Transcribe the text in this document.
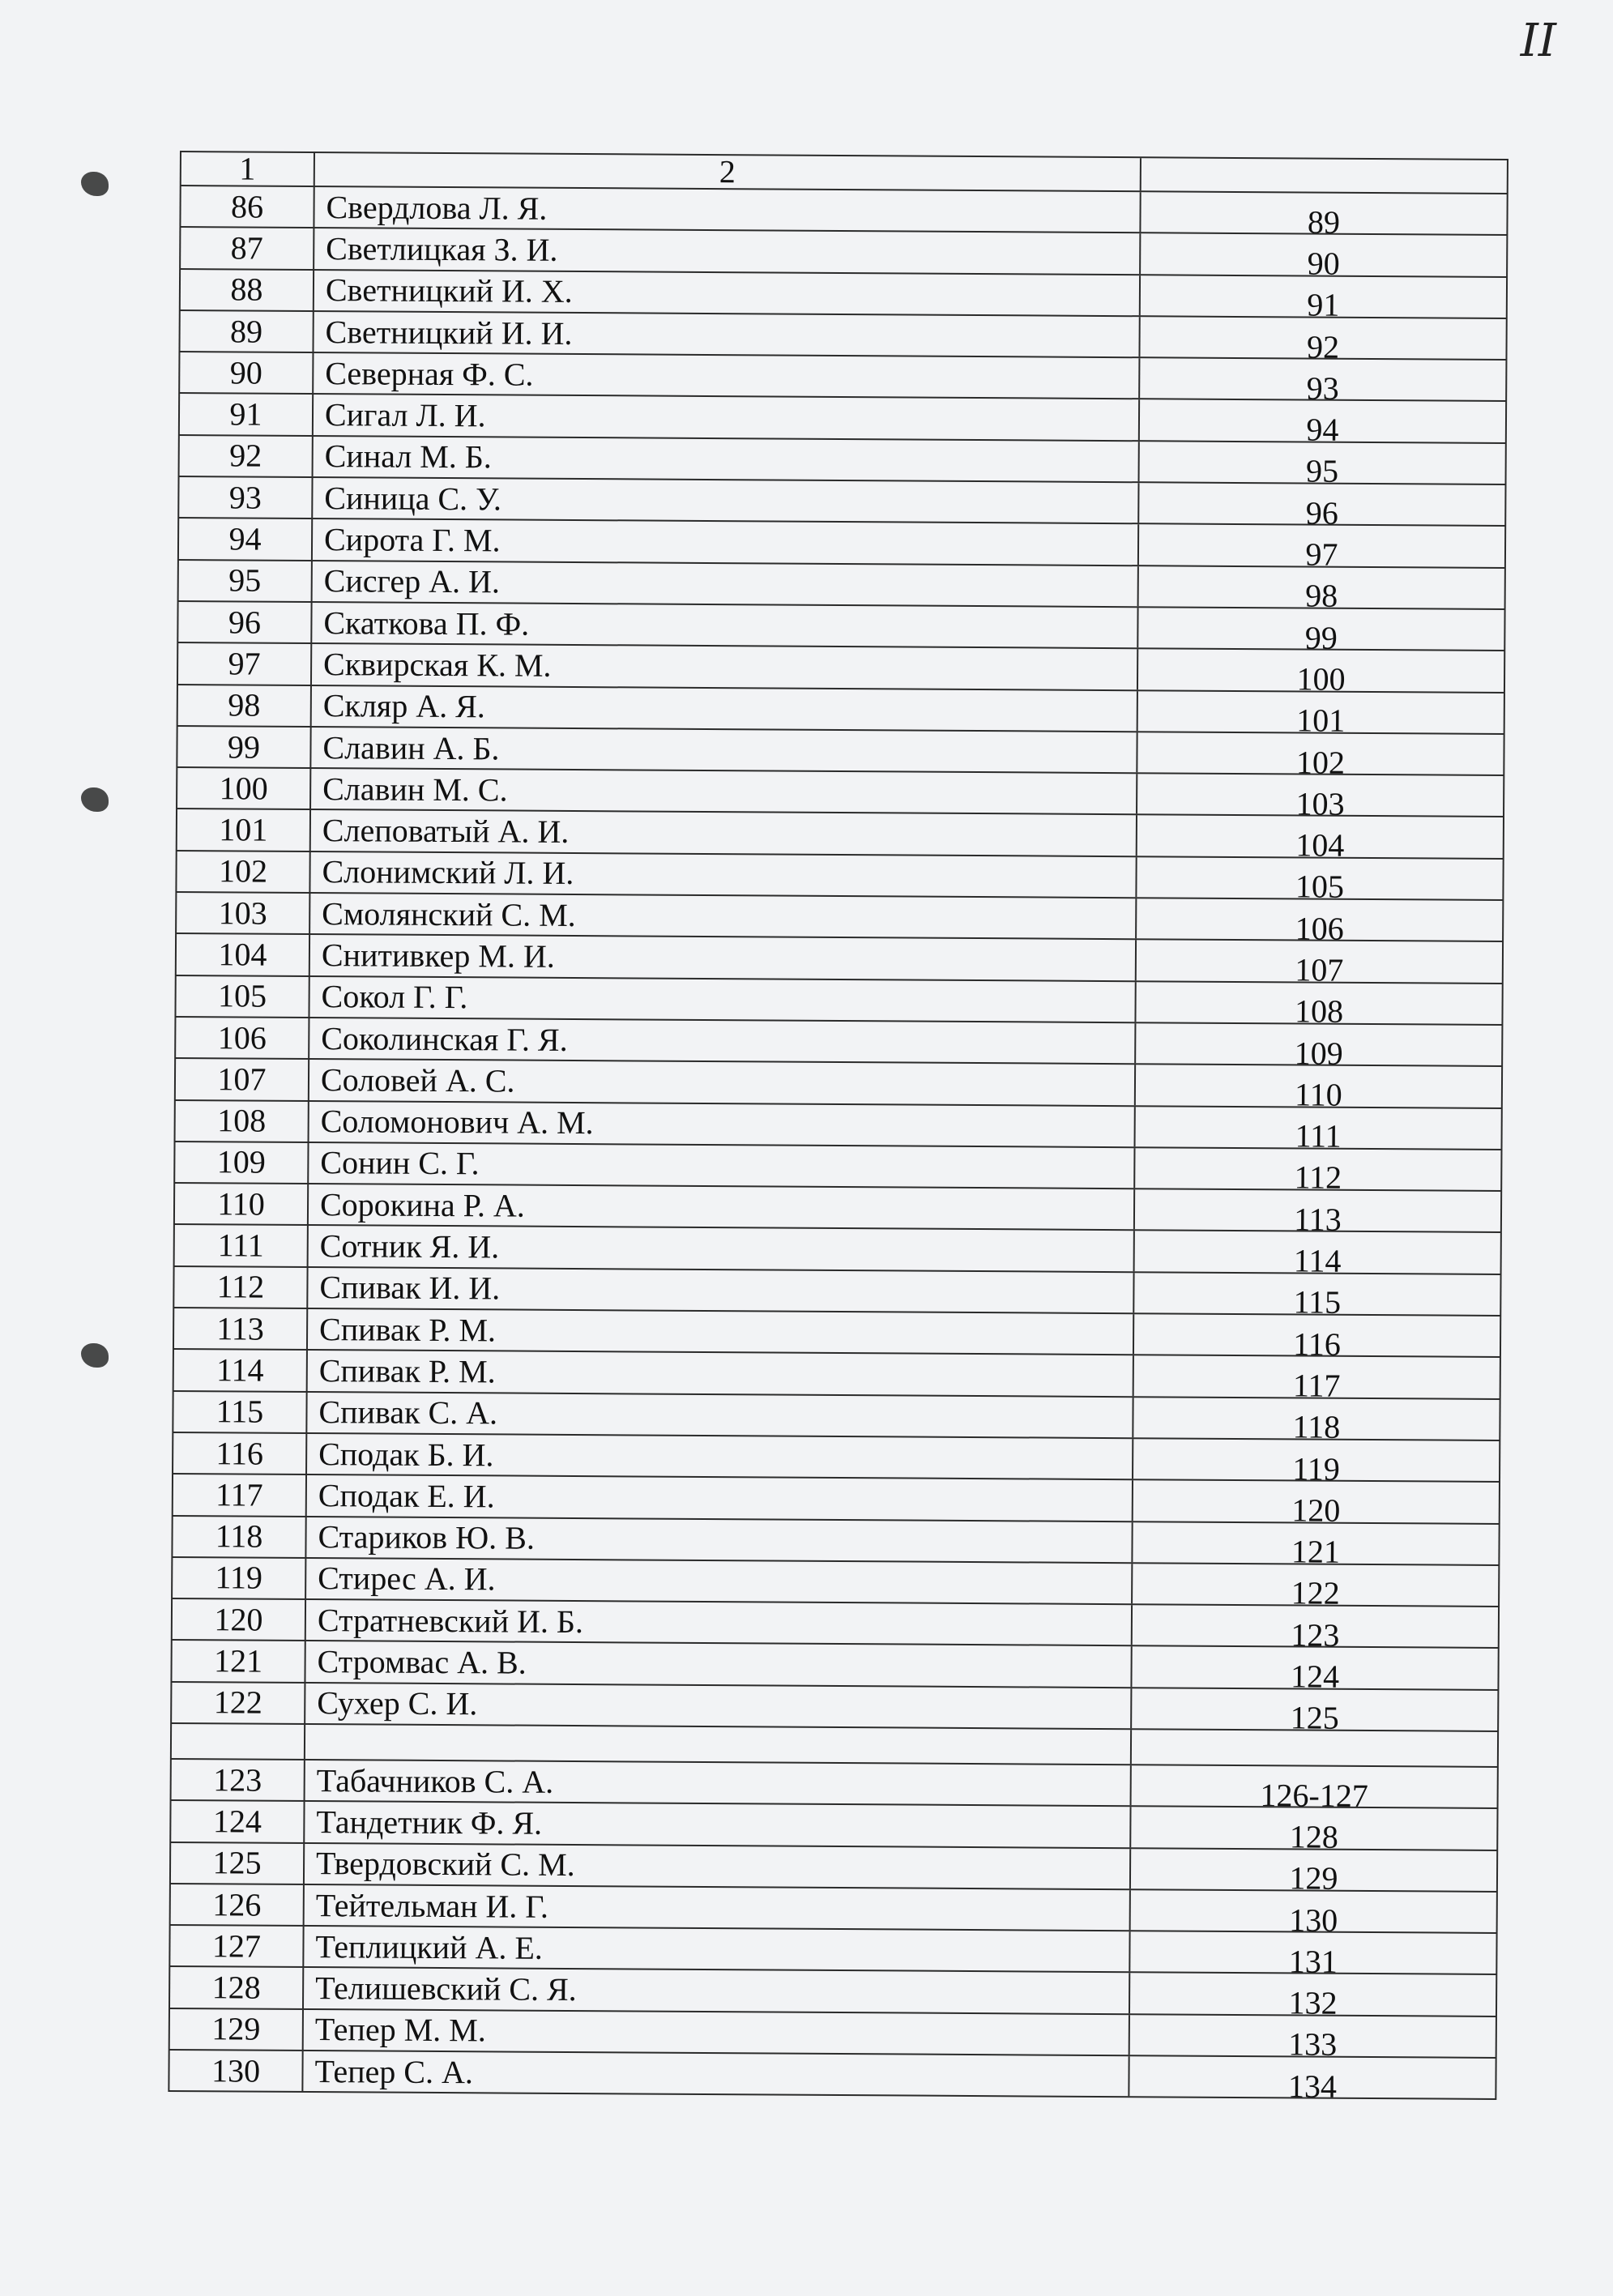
II
1	2
86	Свердлова Л. Я.	89
87	Светлицкая З. И.	90
88	Светницкий И. Х.	91
89	Светницкий И. И.	92
90	Северная Ф. С.	93
91	Сигал Л. И.	94
92	Синал М. Б.	95
93	Синица С. У.	96
94	Сирота Г. М.	97
95	Сисгер А. И.	98
96	Скаткова П. Ф.	99
97	Сквирская К. М.	100
98	Скляр А. Я.	101
99	Славин А. Б.	102
100	Славин М. С.	103
101	Слеповатый А. И.	104
102	Слонимский Л. И.	105
103	Смолянский С. М.	106
104	Снитивкер М. И.	107
105	Сокол Г. Г.	108
106	Соколинская Г. Я.	109
107	Соловей А. С.	110
108	Соломонович А. М.	111
109	Сонин С. Г.	112
110	Сорокина Р. А.	113
111	Сотник Я. И.	114
112	Спивак И. И.	115
113	Спивак Р. М.	116
114	Спивак Р. М.	117
115	Спивак С. А.	118
116	Сподак Б. И.	119
117	Сподак Е. И.	120
118	Стариков Ю. В.	121
119	Стирес А. И.	122
120	Стратневский И. Б.	123
121	Стромвас А. В.	124
122	Сухер С. И.	125
123	Табачников С. А.	126-127
124	Тандетник Ф. Я.	128
125	Твердовский С. М.	129
126	Тейтельман И. Г.	130
127	Теплицкий А. Е.	131
128	Телишевский С. Я.	132
129	Тепер М. М.	133
130	Тепер С. А.	134
